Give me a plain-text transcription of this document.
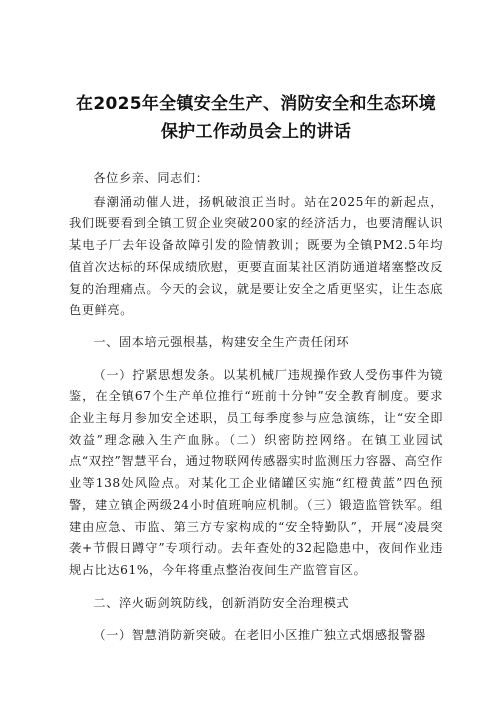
在2025年全镇安全生产、消防安全和生态环境
保护工作动员会上的讲话

各位乡亲、同志们：

春潮涌动催人进，扬帆破浪正当时。站在2025年的新起点，我们既要看到全镇工贸企业突破200家的经济活力，也要清醒认识某电子厂去年设备故障引发的险情教训；既要为全镇PM2.5年均值首次达标的环保成绩欣慰，更要直面某社区消防通道堵塞整改反复的治理痛点。今天的会议，就是要让安全之盾更坚实，让生态底色更鲜亮。

一、固本培元强根基，构建安全生产责任闭环

（一）拧紧思想发条。以某机械厂违规操作致人受伤事件为镜鉴，在全镇67个生产单位推行“班前十分钟”安全教育制度。要求企业主每月参加安全述职，员工每季度参与应急演练，让“安全即效益”理念融入生产血脉。（二）织密防控网络。在镇工业园试点“双控”智慧平台，通过物联网传感器实时监测压力容器、高空作业等138处风险点。对某化工企业储罐区实施“红橙黄蓝”四色预警，建立镇企两级24小时值班响应机制。（三）锻造监管铁军。组建由应急、市监、第三方专家构成的“安全特勤队”，开展“凌晨突袭+节假日蹲守”专项行动。去年查处的32起隐患中，夜间作业违规占比达61%，今年将重点整治夜间生产监管盲区。

二、淬火砺剑筑防线，创新消防安全治理模式

（一）智慧消防新突破。在老旧小区推广独立式烟感报警器
